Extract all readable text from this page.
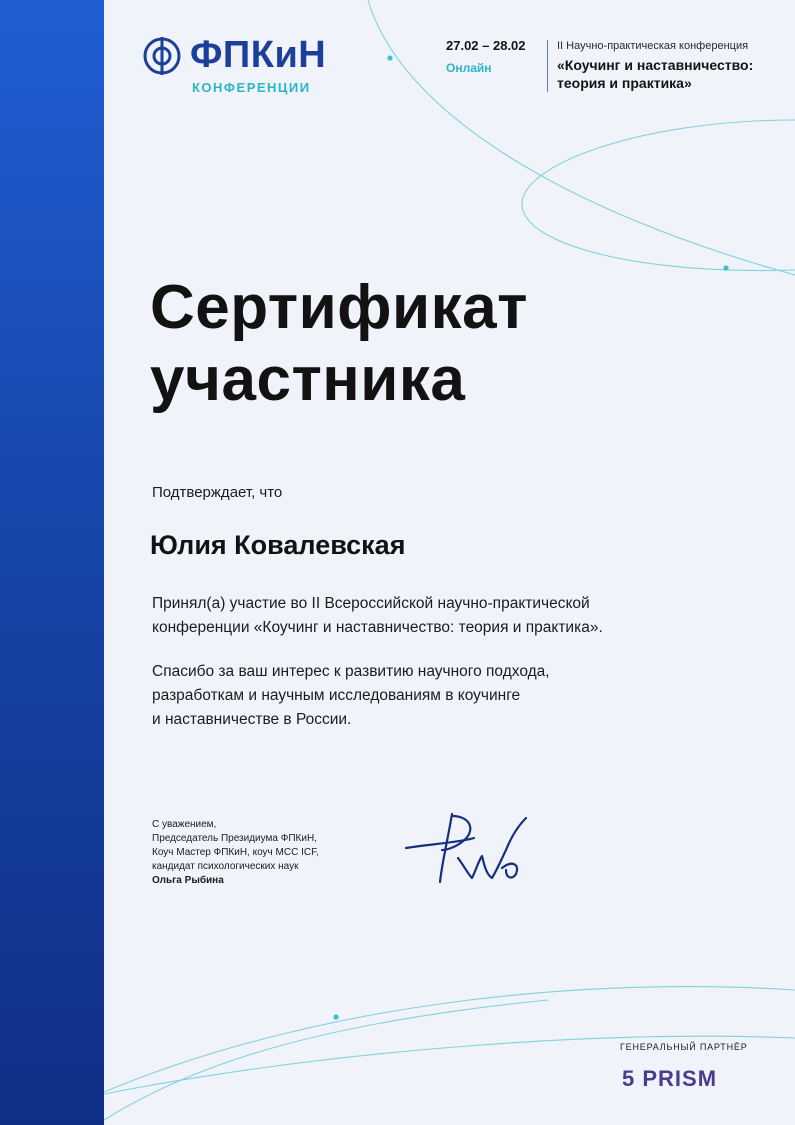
ФПКиН
КОНФЕРЕНЦИИ
27.02 – 28.02
Онлайн
II Научно-практическая конференция
«Коучинг и наставничество:
теория и практика»
Сертификат
участника
Подтверждает, что
Юлия Ковалевская
Принял(а) участие во II Всероссийской научно-практической
конференции «Коучинг и наставничество: теория и практика».
Спасибо за ваш интерес к развитию научного подхода,
разработкам и научным исследованиям в коучинге
и наставничестве в России.
С уважением,
Председатель Президиума ФПКиН,
Коуч Мастер ФПКиН, коуч MCC ICF,
кандидат психологических наук
Ольга Рыбина
ГЕНЕРАЛЬНЫЙ ПАРТНЁР
5 PRISM
